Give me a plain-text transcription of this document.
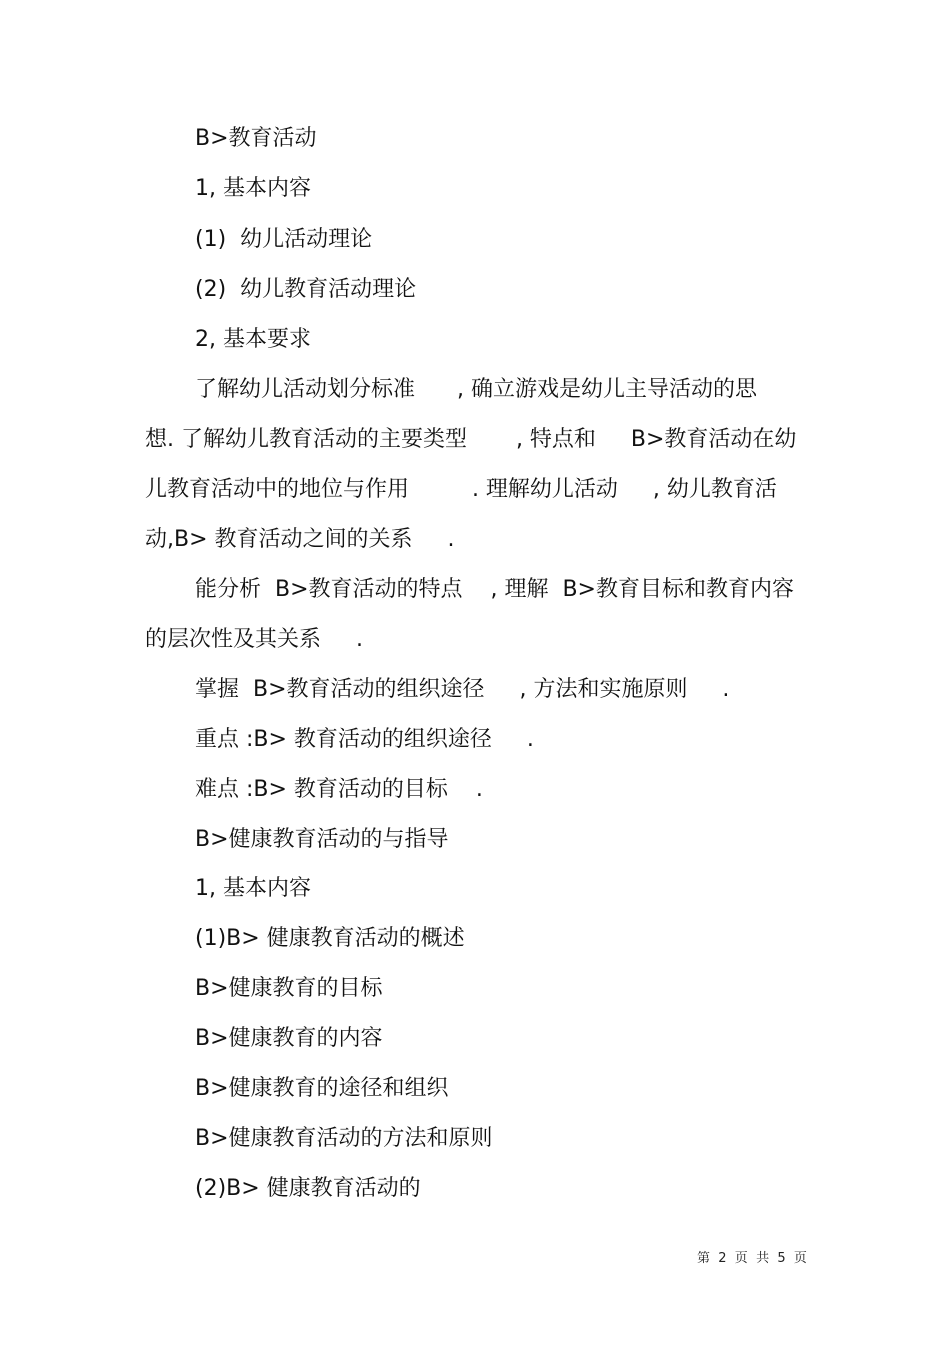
B>教育活动
1, 基本内容
(1)  幼儿活动理论
(2)  幼儿教育活动理论
2, 基本要求
了解幼儿活动划分标准      , 确立游戏是幼儿主导活动的思
想. 了解幼儿教育活动的主要类型       , 特点和     B>教育活动在幼
儿教育活动中的地位与作用         . 理解幼儿活动     , 幼儿教育活
动,B> 教育活动之间的关系     .
能分析  B>教育活动的特点    , 理解  B>教育目标和教育内容
的层次性及其关系     .
掌握  B>教育活动的组织途径     , 方法和实施原则     .
重点 :B> 教育活动的组织途径     .
难点 :B> 教育活动的目标    .
B>健康教育活动的与指导
1, 基本内容
(1)B> 健康教育活动的概述
B>健康教育的目标
B>健康教育的内容
B>健康教育的途径和组织
B>健康教育活动的方法和原则
(2)B> 健康教育活动的
第  2  页  共  5  页
